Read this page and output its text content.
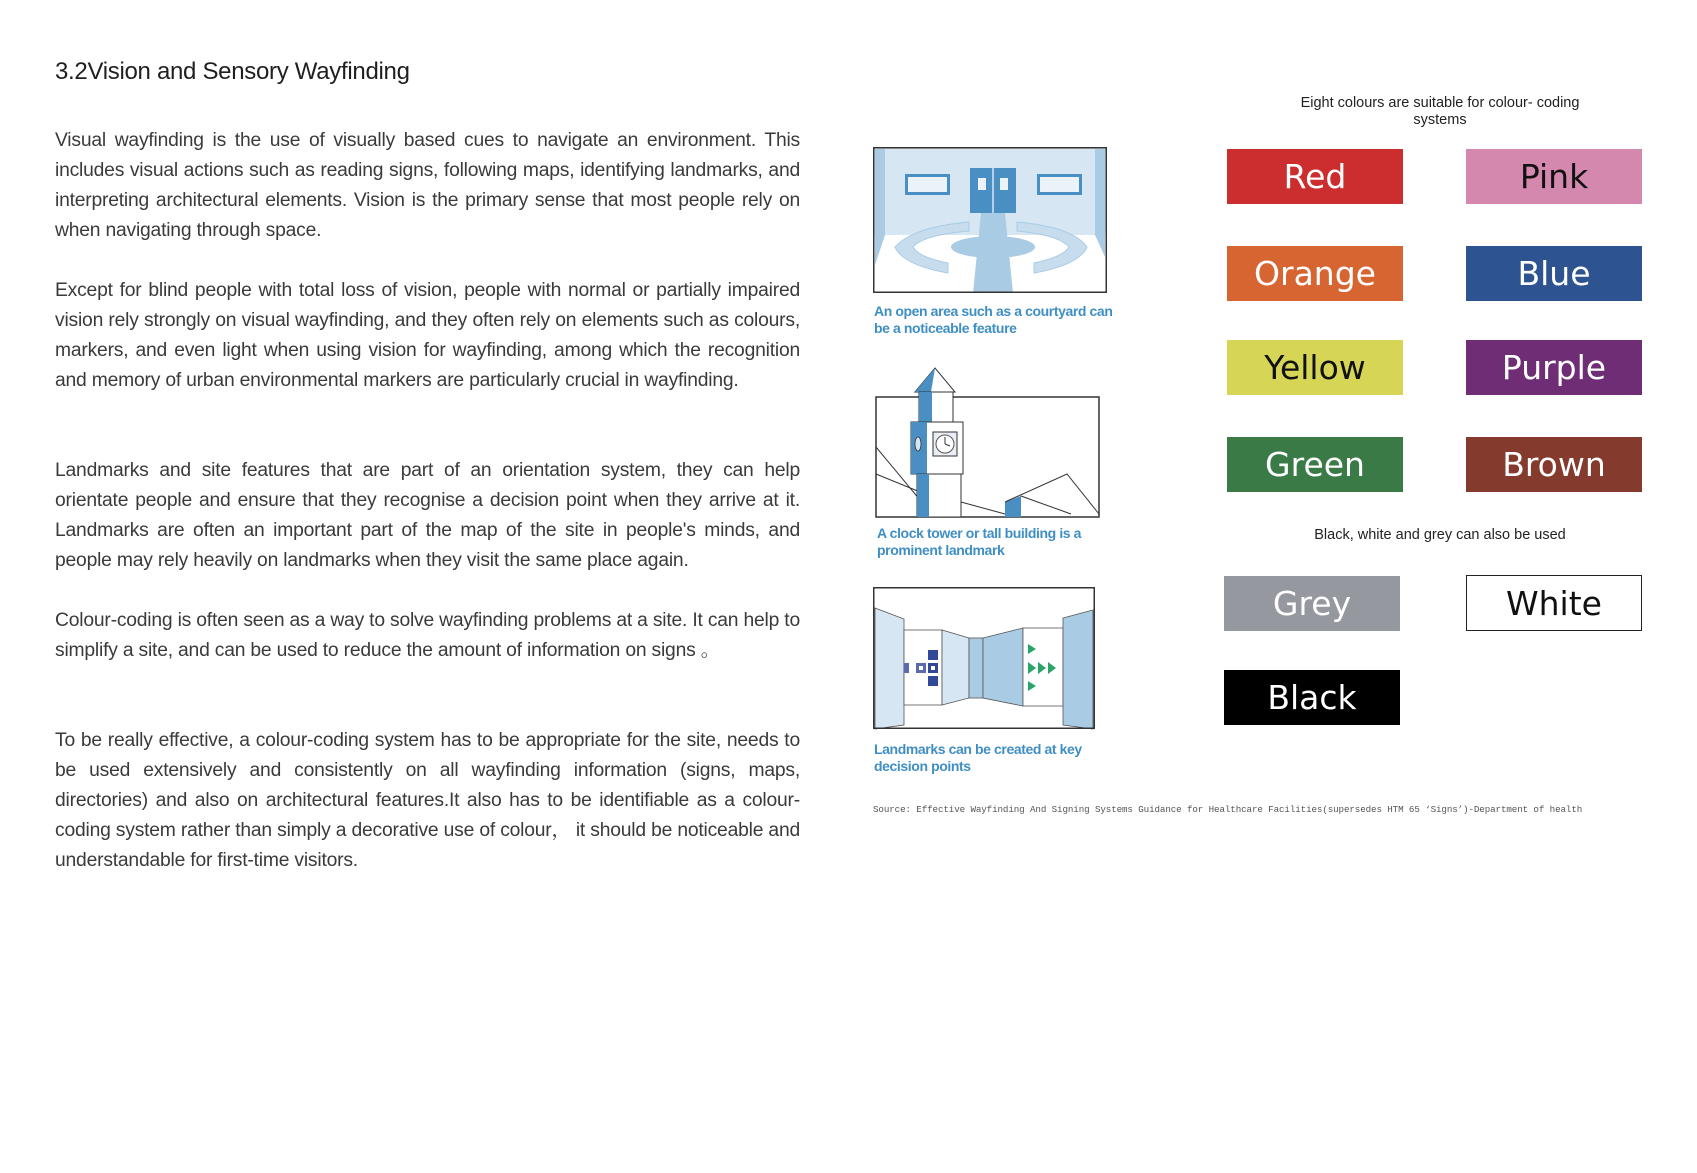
3.2Vision and Sensory Wayfinding

Visual wayfinding is the use of visually based cues to navigate an environment. This includes visual actions such as reading signs, following maps, identifying landmarks, and interpreting architectural elements. Vision is the primary sense that most people rely on when navigating through space.

Except for blind people with total loss of vision, people with normal or partially impaired vision rely strongly on visual wayfinding, and they often rely on elements such as colours, markers, and even light when using vision for wayfinding, among which the recognition and memory of urban environmental markers are particularly crucial in wayfinding.

Landmarks and site features that are part of an orientation system, they can help orientate people and ensure that they recognise a decision point when they arrive at it. Landmarks are often an important part of the map of the site in people's minds, and people may rely heavily on landmarks when they visit the same place again.

Colour-coding is often seen as a way to solve wayfinding problems at a site. It can help to simplify a site, and can be used to reduce the amount of information on signs 。

To be really effective, a colour-coding system has to be appropriate for the site, needs to be used extensively and consistently on all wayfinding information (signs, maps, directories) and also on architectural features.It also has to be identifiable as a colour-coding system rather than simply a decorative use of colour， it should be noticeable and understandable for first-time visitors.

An open area such as a courtyard can be a noticeable feature

A clock tower or tall building is a prominent landmark

Landmarks can be created at key decision points

Eight colours are suitable for colour- coding systems

Red	Pink
Orange	Blue
Yellow	Purple
Green	Brown

Black, white and grey can also be used

Grey	White
Black

Source: Effective Wayfinding And Signing Systems Guidance for Healthcare Facilities(supersedes HTM 65 ‘Signs’)-Department of health
